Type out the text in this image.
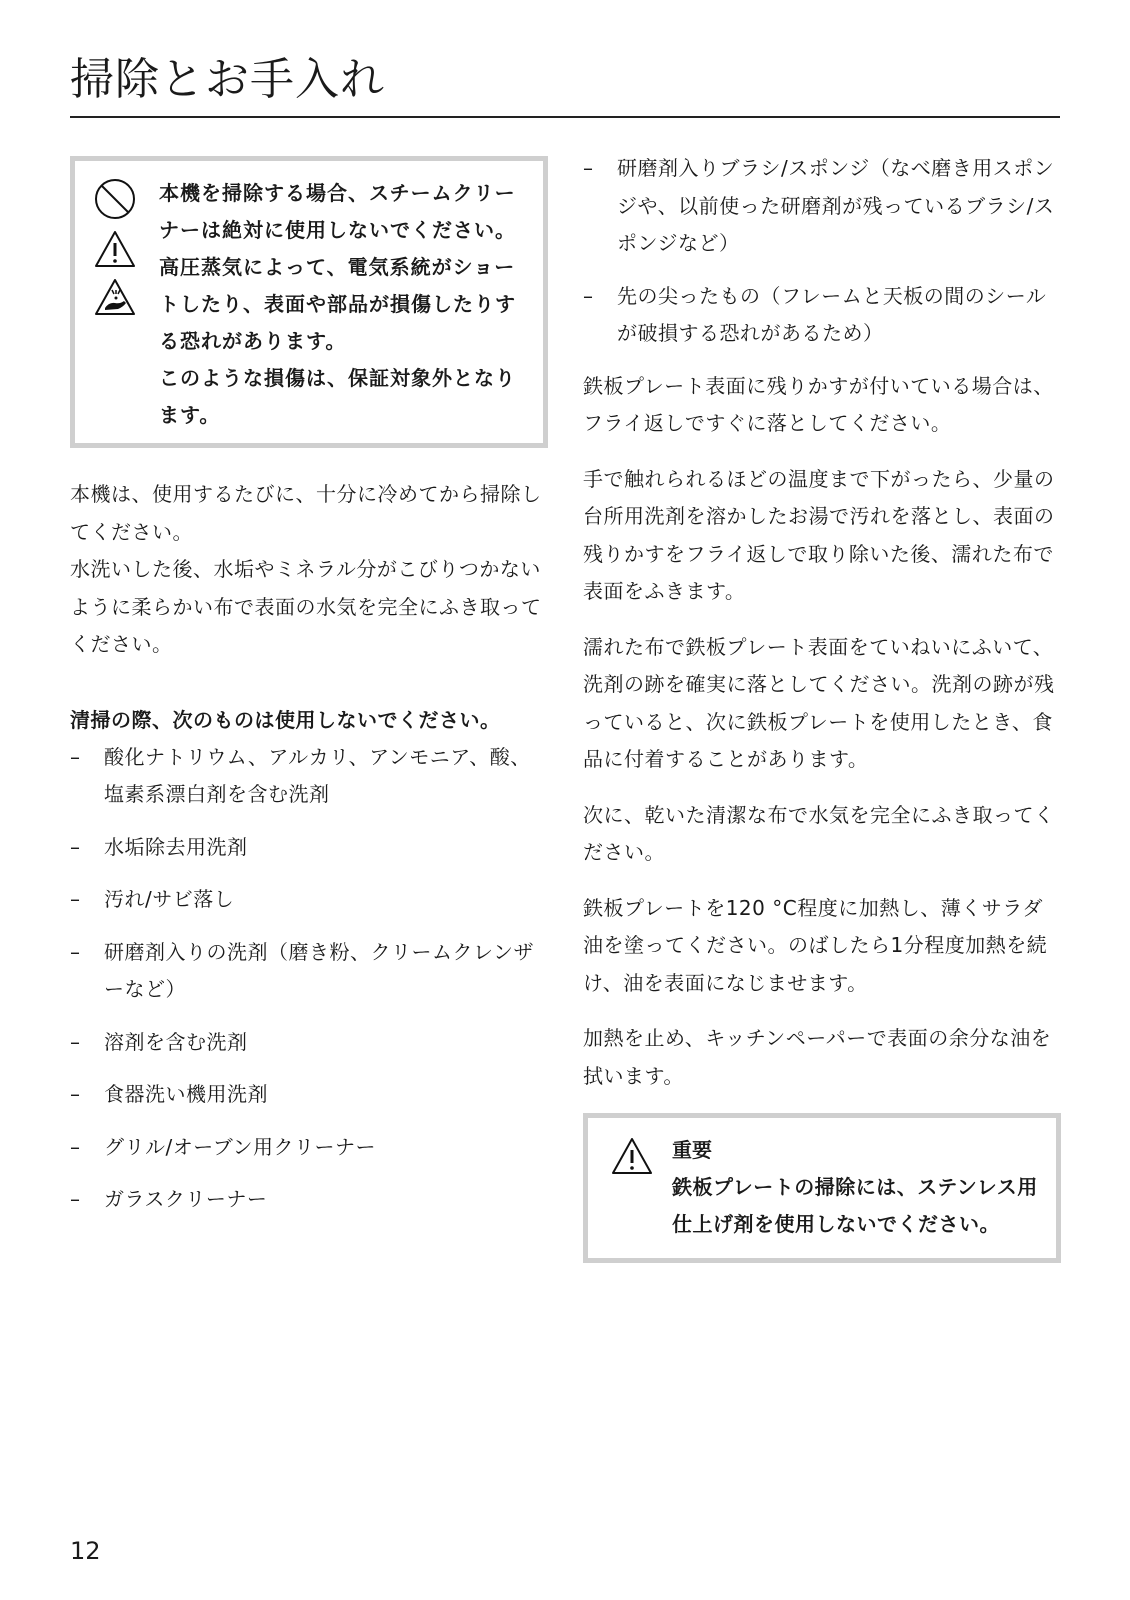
掃除とお手入れ

本機を掃除する場合、スチームクリーナーは絶対に使用しないでください。高圧蒸気によって、電気系統がショートしたり、表面や部品が損傷したりする恐れがあります。

このような損傷は、保証対象外となります。

本機は、使用するたびに、十分に冷めてから掃除してください。

水洗いした後、水垢やミネラル分がこびりつかないように柔らかい布で表面の水気を完全にふき取ってください。

清掃の際、次のものは使用しないでください。

– 酸化ナトリウム、アルカリ、アンモニア、酸、塩素系漂白剤を含む洗剤
– 水垢除去用洗剤
– 汚れ/サビ落し
– 研磨剤入りの洗剤（磨き粉、クリームクレンザーなど）
– 溶剤を含む洗剤
– 食器洗い機用洗剤
– グリル/オーブン用クリーナー
– ガラスクリーナー
– 研磨剤入りブラシ/スポンジ（なべ磨き用スポンジや、以前使った研磨剤が残っているブラシ/スポンジなど）
– 先の尖ったもの（フレームと天板の間のシールが破損する恐れがあるため）

鉄板プレート表面に残りかすが付いている場合は、フライ返しですぐに落としてください。

手で触れられるほどの温度まで下がったら、少量の台所用洗剤を溶かしたお湯で汚れを落とし、表面の残りかすをフライ返しで取り除いた後、濡れた布で表面をふきます。

濡れた布で鉄板プレート表面をていねいにふいて、洗剤の跡を確実に落としてください。洗剤の跡が残っていると、次に鉄板プレートを使用したとき、食品に付着することがあります。

次に、乾いた清潔な布で水気を完全にふき取ってください。

鉄板プレートを120 °C程度に加熱し、薄くサラダ油を塗ってください。のばしたら1分程度加熱を続け、油を表面になじませます。

加熱を止め、キッチンペーパーで表面の余分な油を拭います。

重要

鉄板プレートの掃除には、ステンレス用仕上げ剤を使用しないでください。

12
